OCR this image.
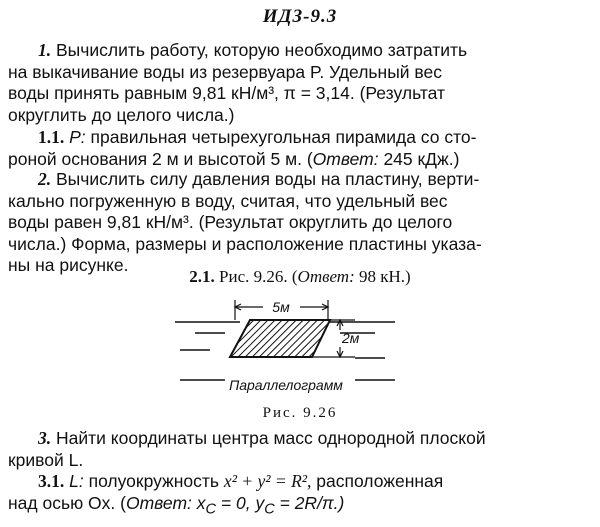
ИДЗ-9.3
1. Вычислить работу, которую необходимо затратить
на выкачивание воды из резервуара P. Удельный вес
воды принять равным 9,81 кН/м³, π = 3,14. (Результат
округлить до целого числа.)
1.1. P: правильная четырехугольная пирамида со сто-
роной основания 2 м и высотой 5 м. (Ответ: 245 кДж.)
2. Вычислить силу давления воды на пластину, верти-
кально погруженную в воду, считая, что удельный вес
воды равен 9,81 кН/м³. (Результат округлить до целого
числа.) Форма, размеры и расположение пластины указа-
ны на рисунке.
2.1. Рис. 9.26. (Ответ: 98 кН.)
5м
2м
Параллелограмм
Рис. 9.26
3. Найти координаты центра масс однородной плоской
кривой L.
3.1. L: полуокружность x² + y² = R², расположенная
над осью Ox. (Ответ: $x_C = 0$, $y_C = 2R/\pi$.)
